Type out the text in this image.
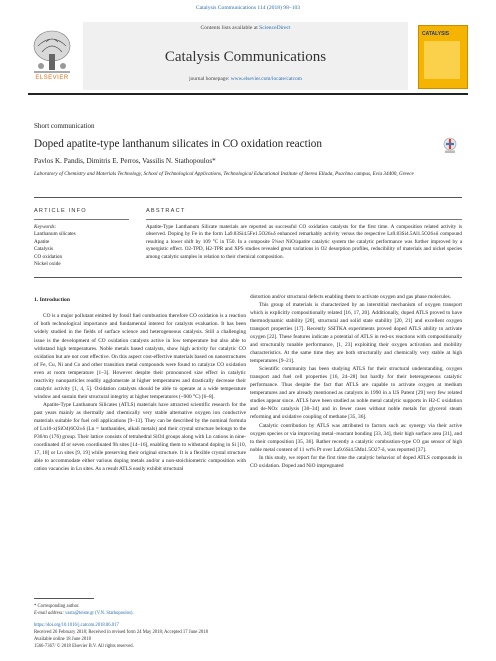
Catalysis Communications 114 (2018) 98–103
ELSEVIER
Contents lists available at ScienceDirect
Catalysis Communications
journal homepage: www.elsevier.com/locate/catcom
CATALYSIS
Short communication
Doped apatite-type lanthanum silicates in CO oxidation reaction
Pavlos K. Pandis, Dimitris E. Perros, Vassilis N. Stathopoulos*
Laboratory of Chemistry and Materials Technology, School of Technological Applications, Technological Educational Institute of Sterea Ellada, Psachna campus, Evia 34400, Greece
ARTICLE INFO	ABSTRACT
Keywords:
Lanthanum silicates
Apatite
Catalysis
CO oxidation
Nickel oxide
Apatite-Type Lanthanum Silicate materials are reported as successful CO oxidation catalysts for the first time. A composition related activity is observed. Doping by Fe in the form La9.83Si4.5Fe1.5O26±δ enhanced remarkably activity versus the respective La9.83Si4.5Al1.5O26±δ compound resulting a lower shift by 109 °C in T50. In a composite 5%wt NiO/apatite catalytic system the catalytic performance was further improved by a synergistic effect. O2-TPD, H2-TPR and XPS studies revealed great variations in O2 desorption profiles, reducibility of materials and nickel species among catalytic samples in relation to their chemical composition.

1. Introduction

CO is a major pollutant emitted by fossil fuel combustion therefore CO oxidation is a reaction of both technological importance and fundamental interest for catalysts evaluation. It has been widely studied in the fields of surface science and heterogeneous catalysis. Still a challenging issue is the development of CO oxidation catalysts active in low temperature but also able to withstand high temperatures. Noble metals based catalysts, show high activity for catalytic CO oxidation but are not cost effective. On this aspect cost-effective materials based on nanostructures of Fe, Cu, Ni and Co and other transition metal compounds were found to catalyze CO oxidation even at room temperature [1–3]. However despite their pronounced size effect in catalytic reactivity nanoparticles readily agglomerate at higher temperatures and drastically decrease their catalytic activity [1, 4, 5]. Oxidation catalysts should be able to operate at a wide temperature window and sustain their structural integrity at higher temperatures (~900 °C) [6–8].

Apatite-Type Lanthanum Silicates (ATLS) materials have attracted scientific research for the past years mainly as thermally and chemically very stable alternative oxygen ion conductive materials suitable for fuel cell applications [9–13]. They can be described by the nominal formula of Ln10-x(SiO4)6O2±δ (Ln = lanthanides, alkali metals) and their crystal structure belongs to the P36/m (176) group. Their lattice consists of tetrahedral SiO4 groups along with Ln cations in nine-coordinated 4f or seven coordinated 9h sites [14–16], enabling them to withstand doping in Si [10, 17, 18] or Ln sites [9, 19] while preserving their original structure. It is a flexible crystal structure able to accommodate either various doping metals and/or a non-stoichiometric composition with cation vacancies in Ln sites. As a result ATLS easily exhibit structural

distortion and/or structural defects enabling them to activate oxygen and gas phase molecules.

This group of materials is characterized by an interstitial mechanism of oxygen transport which is explicitly compositionally related [16, 17, 20]. Additionally, doped ATLS proved to have thermodynamic stability [20], structural and solid state stability [20, 21] and excellent oxygen transport properties [17]. Recently SSITKA experiments proved doped ATLS ability to activate oxygen [22]. These features indicate a potential of ATLS in red-ox reactions with compositionally and structurally tunable performance, [1, 23] exploiting their oxygen activation and mobility characteristics. At the same time they are both structurally and chemically very stable at high temperatures [9–21].

Scientific community has been studying ATLS for their structural understanding, oxygen transport and fuel cell properties [16, 24–28] but hardly for their heterogeneous catalytic performance. Thus despite the fact that ATLS are capable to activate oxygen at medium temperatures and are already mentioned as catalysts in 1990 in a US Patent [29] very few related studies appear since. ATLS have been studied as noble metal catalytic supports in H2-C oxidation and de-NOx catalysis [30–34] and in fewer cases without noble metals for glycerol steam reforming and oxidative coupling of methane [35, 36].

Catalytic contribution by ATLS was attributed to factors such as: synergy via their active oxygen species or via improving metal−reactant bonding [33, 34], their high surface area [31], and to their composition [35, 36]. Rather recently a catalytic combustion-type CO gas sensor of high noble metal content of 11 wt% Pt over La9.6Si4.5Mn1.5O27-δ, was reported [37].

In this study, we report for the first time the catalytic behavior of doped ATLS compounds in CO oxidation. Doped and NiO impregnated

* Corresponding author.
E-mail address: vasta@teiste.gr (V.N. Stathopoulos).
https://doi.org/10.1016/j.catcom.2018.06.017
Received 26 February 2018; Received in revised form 24 May 2018; Accepted 17 June 2018
Available online 18 June 2018
1566-7367/ © 2018 Elsevier B.V. All rights reserved.
